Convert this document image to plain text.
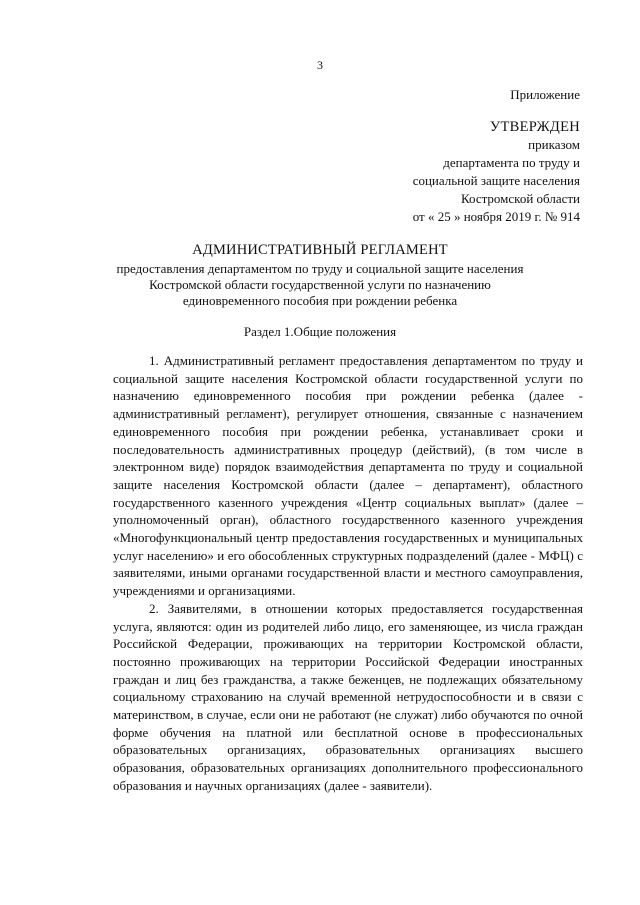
3
Приложение
УТВЕРЖДЕН
приказом
департамента по труду и
социальной защите населения
Костромской области
от « 25 » ноября 2019 г. № 914
АДМИНИСТРАТИВНЫЙ РЕГЛАМЕНТ
предоставления департаментом по труду и социальной защите населения
Костромской области государственной услуги по назначению
единовременного пособия при рождении ребенка
Раздел 1.Общие положения

1. Административный регламент предоставления департаментом по труду и социальной защите населения Костромской области государственной услуги по назначению единовременного пособия при рождении ребенка (далее - административный регламент), регулирует отношения, связанные с назначением единовременного пособия при рождении ребенка, устанавливает сроки и последовательность административных процедур (действий), (в том числе в электронном виде) порядок взаимодействия департамента по труду и социальной защите населения Костромской области (далее – департамент), областного государственного казенного учреждения «Центр социальных выплат» (далее – уполномоченный орган), областного государственного казенного учреждения «Многофункциональный центр предоставления государственных и муниципальных услуг населению» и его обособленных структурных подразделений (далее - МФЦ) с заявителями, иными органами государственной власти и местного самоуправления, учреждениями и организациями.

2. Заявителями, в отношении которых предоставляется государственная услуга, являются: один из родителей либо лицо, его заменяющее, из числа граждан Российской Федерации, проживающих на территории Костромской области, постоянно проживающих на территории Российской Федерации иностранных граждан и лиц без гражданства, а также беженцев, не подлежащих обязательному социальному страхованию на случай временной нетрудоспособности и в связи с материнством, в случае, если они не работают (не служат) либо обучаются по очной форме обучения на платной или бесплатной основе в профессиональных образовательных организациях, образовательных организациях высшего образования, образовательных организациях дополнительного профессионального образования и научных организациях (далее - заявители).
